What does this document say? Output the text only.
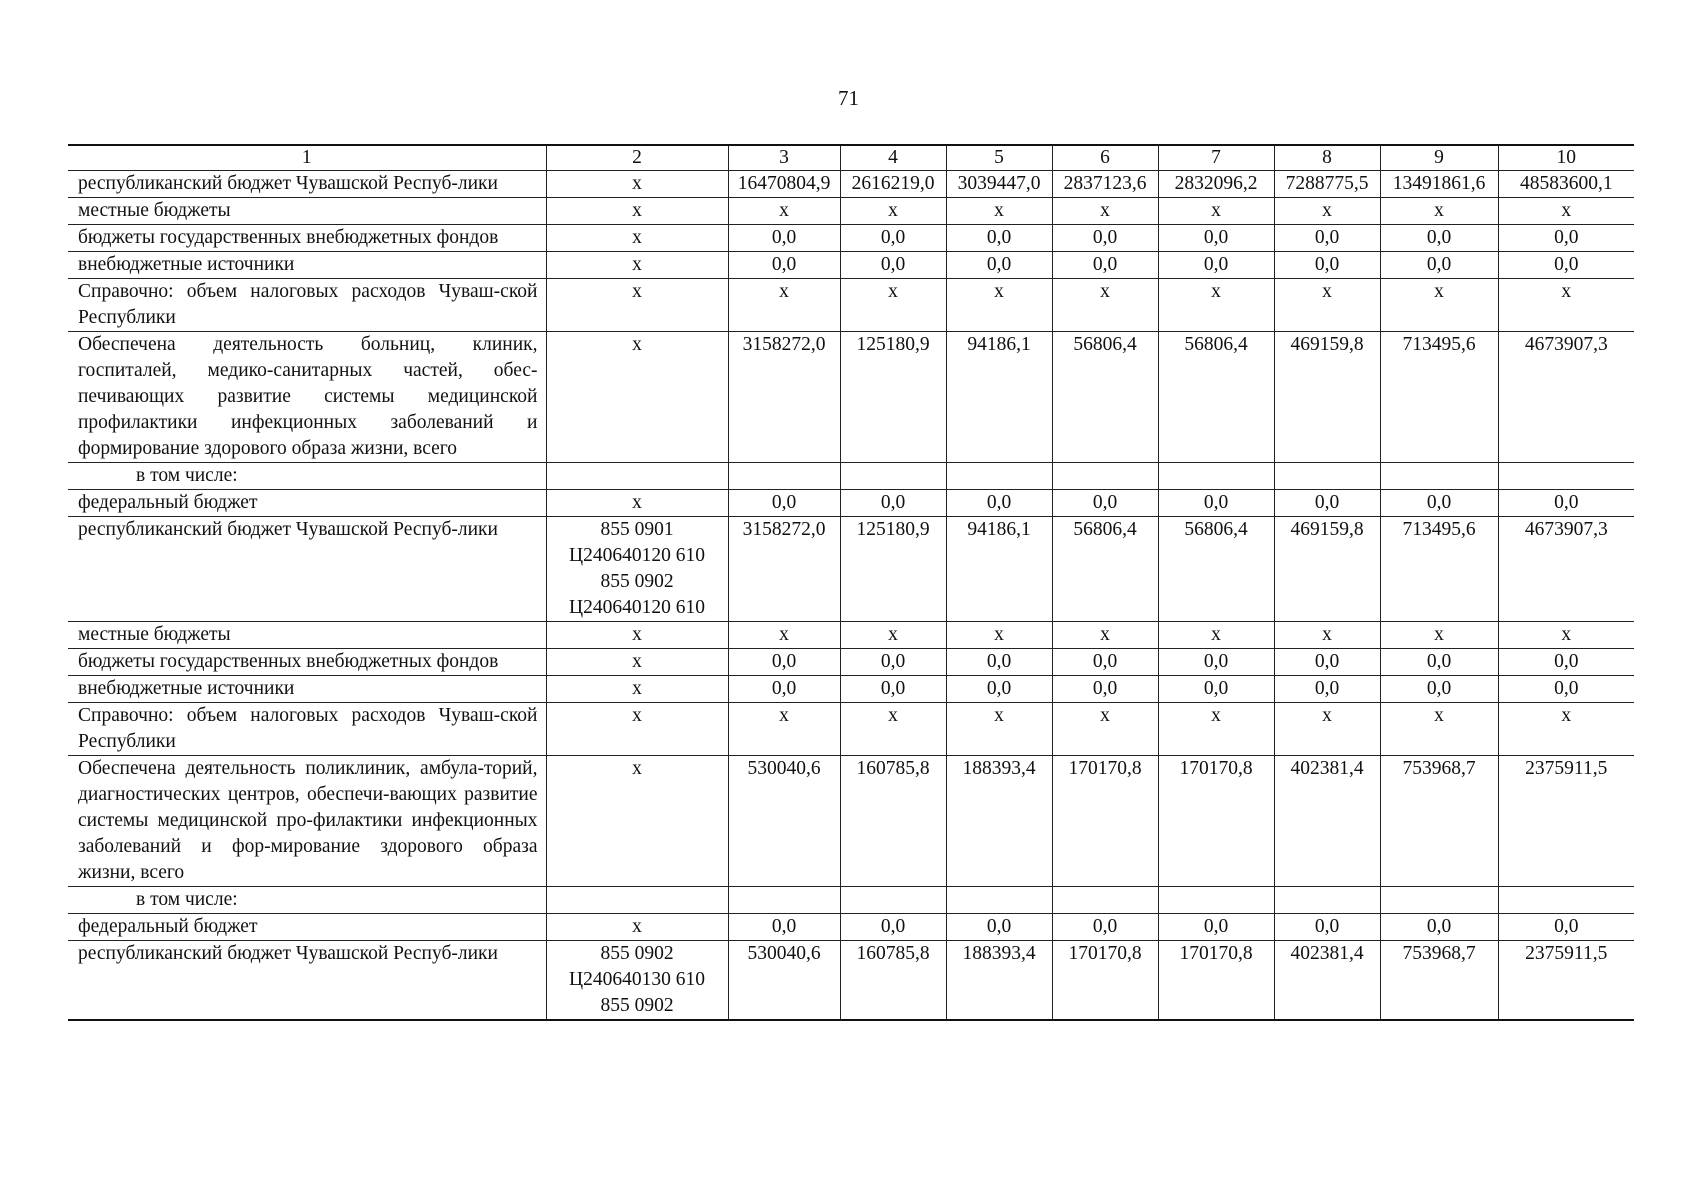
71
1	2	3	4	5	6	7	8	9	10
республиканский бюджет Чувашской Респуб-лики	х	16470804,9	2616219,0	3039447,0	2837123,6	2832096,2	7288775,5	13491861,6	48583600,1
местные бюджеты	х	х	х	х	х	х	х	х	х
бюджеты государственных внебюджетных фондов	х	0,0	0,0	0,0	0,0	0,0	0,0	0,0	0,0
внебюджетные источники	х	0,0	0,0	0,0	0,0	0,0	0,0	0,0	0,0
Справочно: объем налоговых расходов Чуваш-ской Республики	х	х	х	х	х	х	х	х	х
Обеспечена деятельность больниц, клиник, госпиталей, медико-санитарных частей, обес-печивающих развитие системы медицинской профилактики инфекционных заболеваний и формирование здорового образа жизни, всего	х	3158272,0	125180,9	94186,1	56806,4	56806,4	469159,8	713495,6	4673907,3
в том числе:	

федеральный бюджет	х	0,0	0,0	0,0	0,0	0,0	0,0	0,0	0,0
республиканский бюджет Чувашской Респуб-лики	855 0901
Ц240640120 610
855 0902
Ц240640120 610	3158272,0	125180,9	94186,1	56806,4	56806,4	469159,8	713495,6	4673907,3
местные бюджеты	х	х	х	х	х	х	х	х	х
бюджеты государственных внебюджетных фондов	х	0,0	0,0	0,0	0,0	0,0	0,0	0,0	0,0
внебюджетные источники	х	0,0	0,0	0,0	0,0	0,0	0,0	0,0	0,0
Справочно: объем налоговых расходов Чуваш-ской Республики	х	х	х	х	х	х	х	х	х
Обеспечена деятельность поликлиник, амбула-торий, диагностических центров, обеспечи-вающих развитие системы медицинской про-филактики инфекционных заболеваний и фор-мирование здорового образа жизни, всего	х	530040,6	160785,8	188393,4	170170,8	170170,8	402381,4	753968,7	2375911,5
в том числе:	

федеральный бюджет	х	0,0	0,0	0,0	0,0	0,0	0,0	0,0	0,0
республиканский бюджет Чувашской Респуб-лики	855 0902
Ц240640130 610
855 0902	530040,6	160785,8	188393,4	170170,8	170170,8	402381,4	753968,7	2375911,5
